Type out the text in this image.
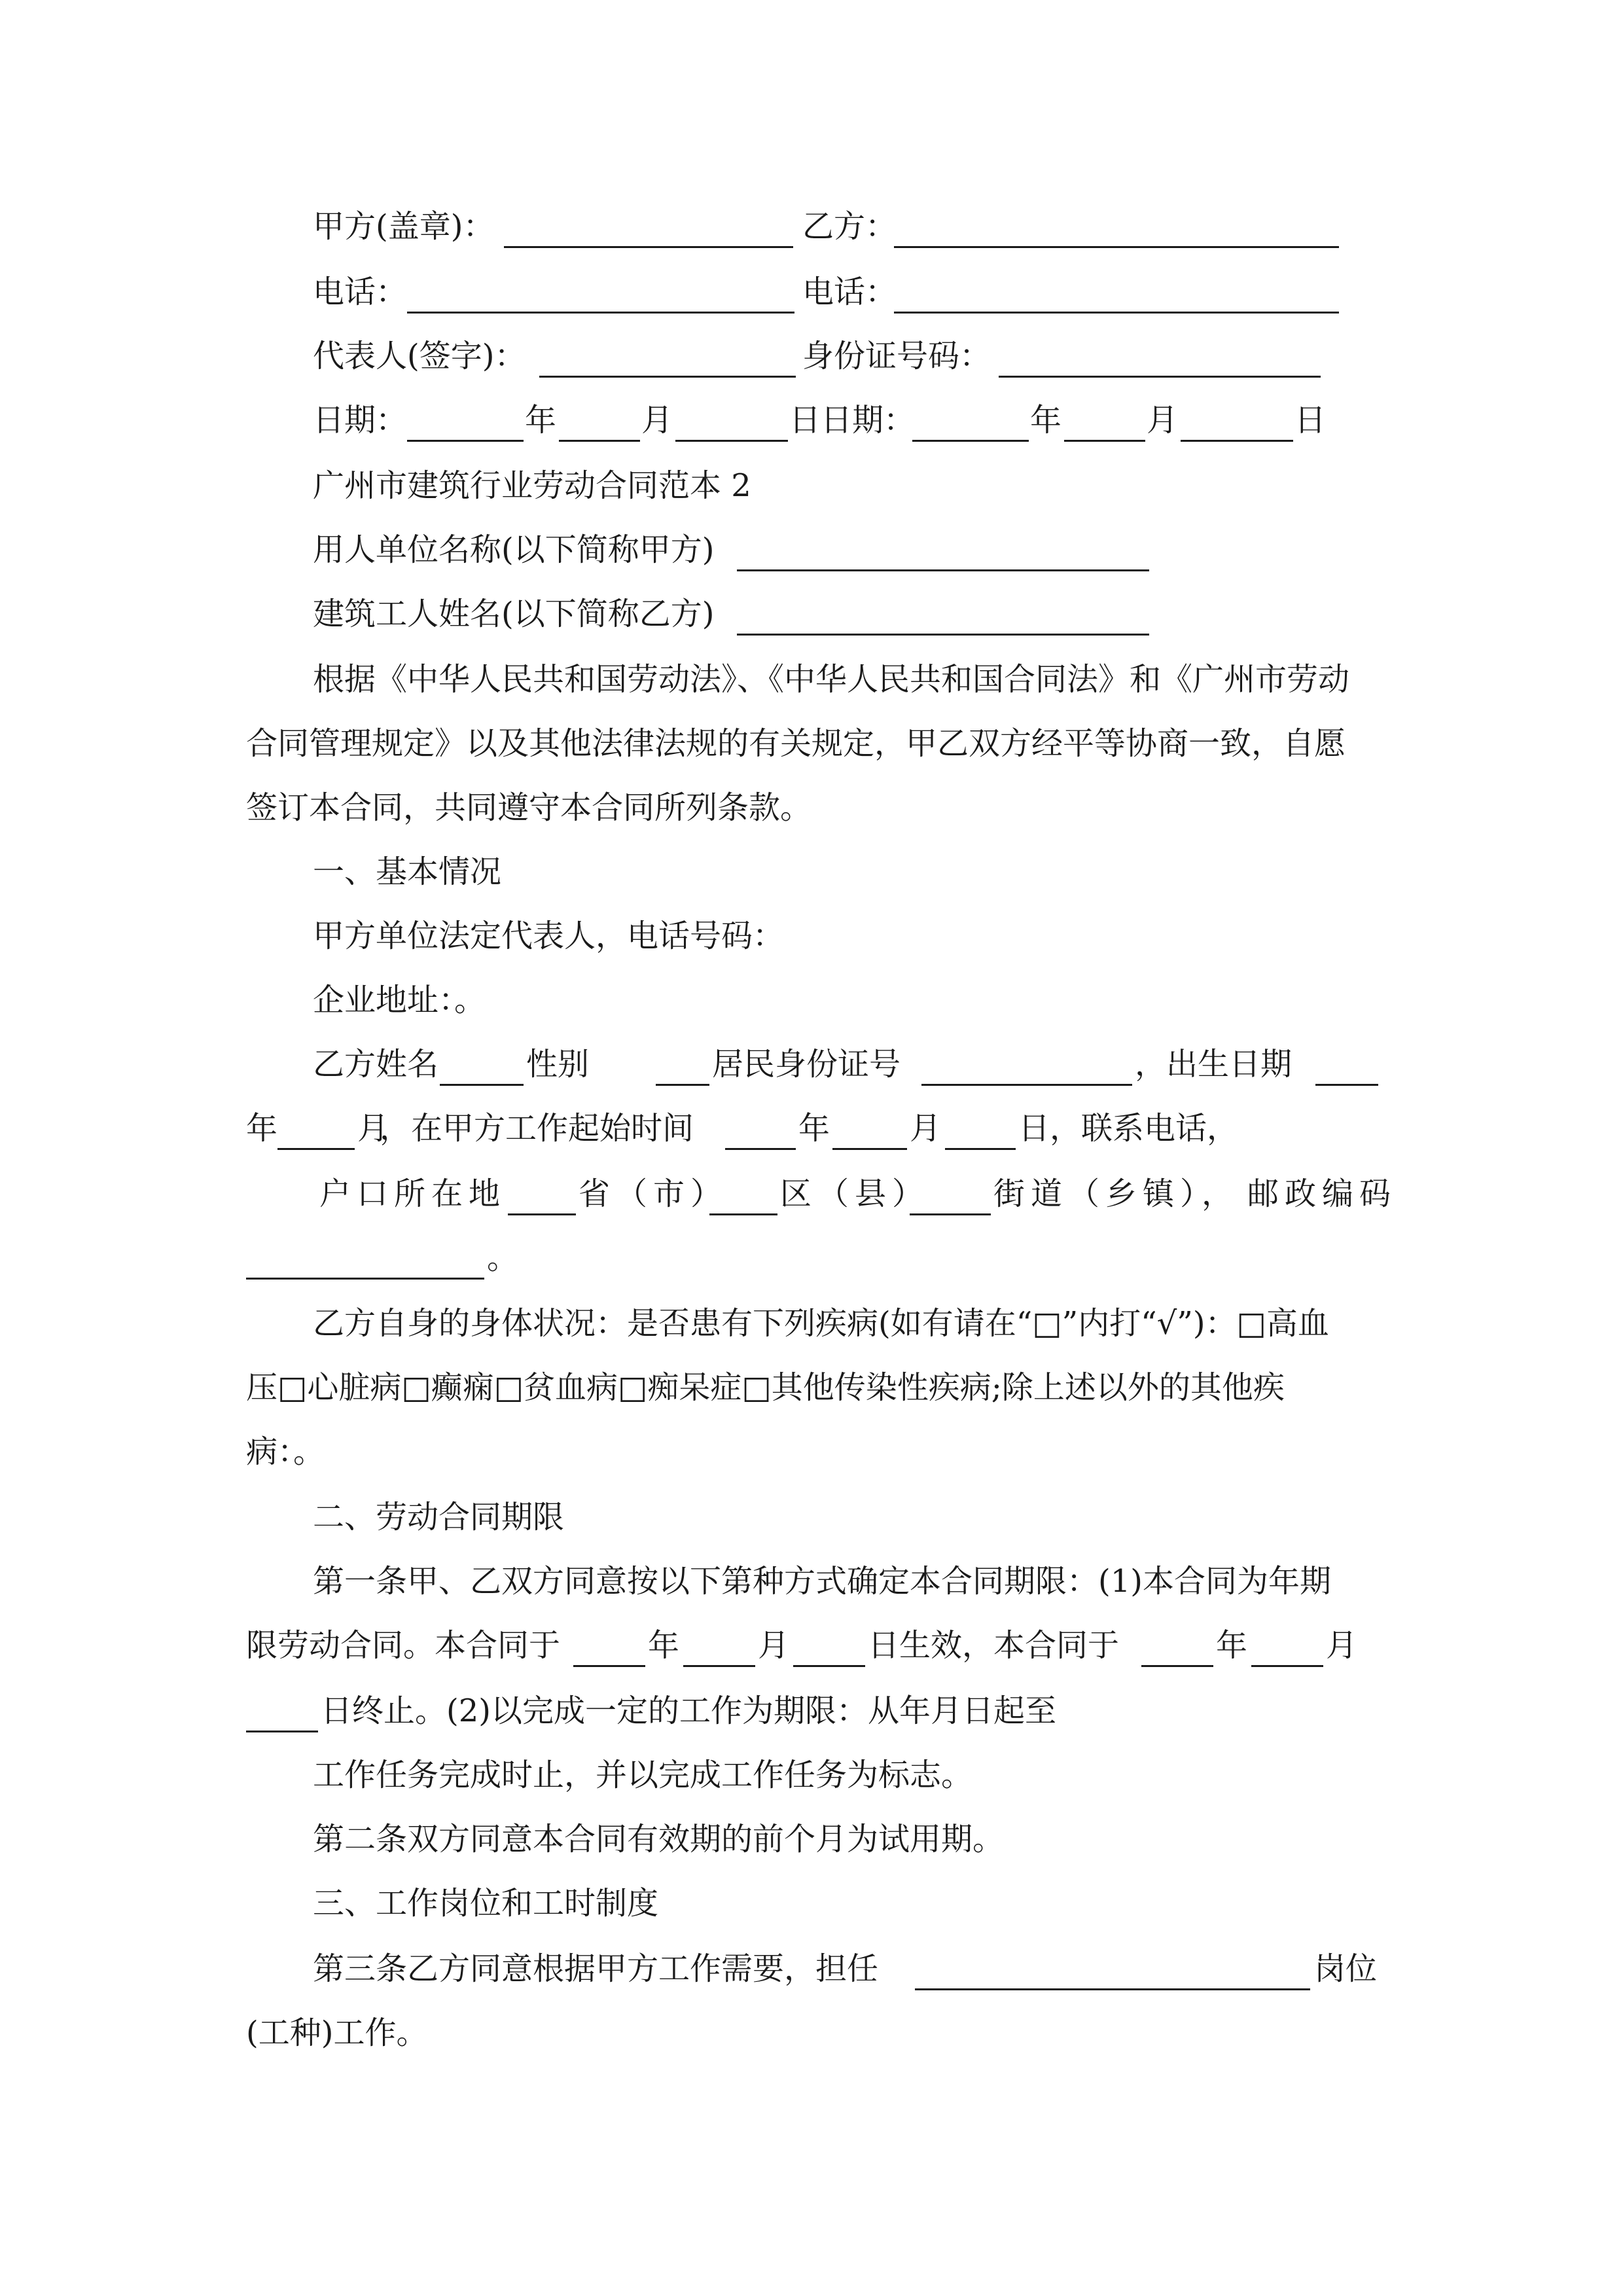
甲方(盖章)：	乙方：
电话：	电话：
代表人(签字)：	身份证号码：
日期：	年	月	日日期：	年	月	日
广州市建筑行业劳动合同范本 2
用人单位名称(以下简称甲方)
建筑工人姓名(以下简称乙方)
根据《中华人民共和国劳动法》、《中华人民共和国合同法》和《广州市劳动
合同管理规定》以及其他法律法规的有关规定，甲乙双方经平等协商一致，自愿
签订本合同，共同遵守本合同所列条款。
一、基本情况
甲方单位法定代表人，电话号码：
企业地址：。
乙方姓名	性别	居民身份证号	，出生日期
年	月
，在甲方工作起始时间	年	月 日 ，联系电话，
户口所在地 省（市） 区（县） 街道（乡镇）， 邮政编码
。
乙方自身的身体状况：是否患有下列疾病(如有请在“□”内打“√”)：□高血
压□心脏病□癫痫□贫血病□痴呆症□其他传染性疾病;除上述以外的其他疾
病：。
二、劳动合同期限
第一条甲、乙双方同意按以下第种方式确定本合同期限：(1)本合同为年期
限劳动合同。本合同于	年 月 日生效，本合同于	年 月
日终止。(2)以完成一定的工作为期限：从年月日起至
工作任务完成时止，并以完成工作任务为标志。
第二条双方同意本合同有效期的前个月为试用期。
三、工作岗位和工时制度
第三条乙方同意根据甲方工作需要，担任	岗位
(工种)工作。
